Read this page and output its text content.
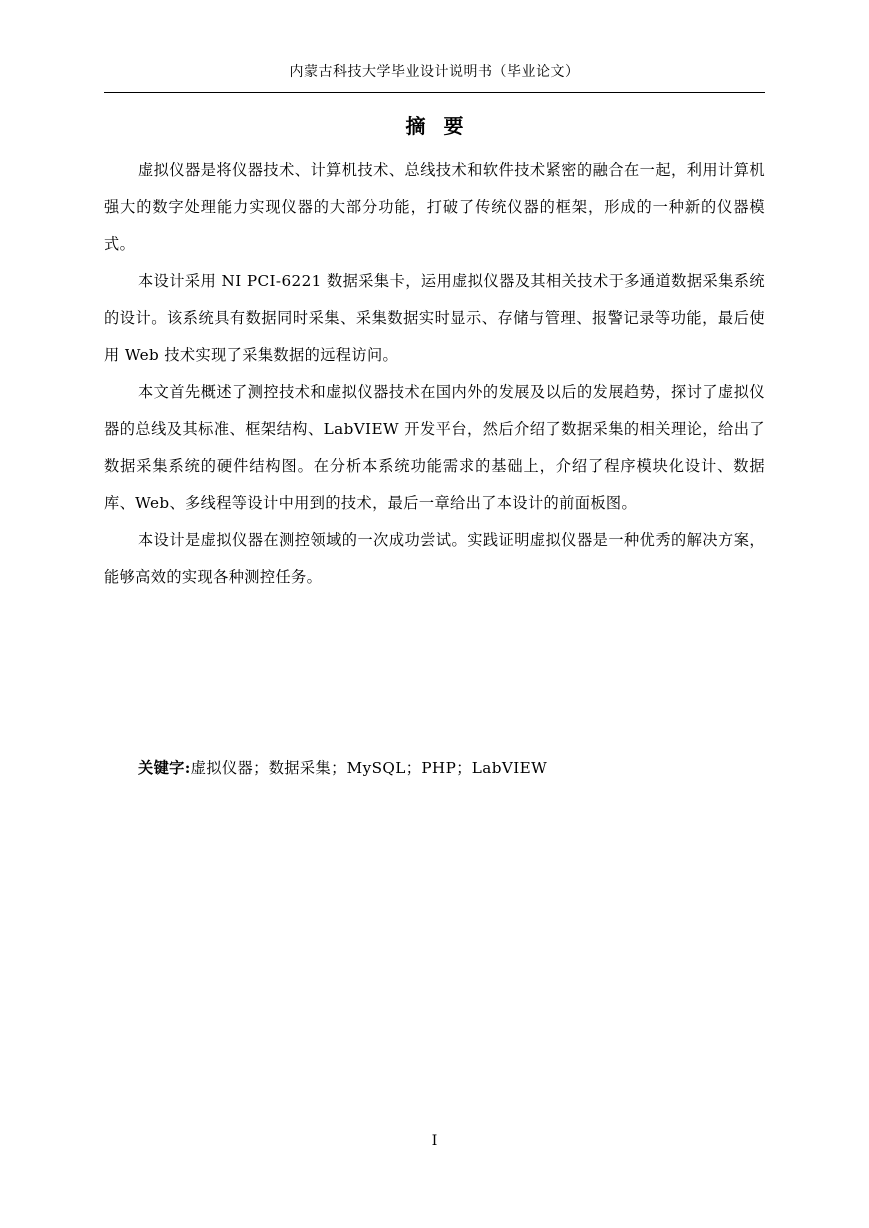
内蒙古科技大学毕业设计说明书（毕业论文）
摘要

虚拟仪器是将仪器技术、计算机技术、总线技术和软件技术紧密的融合在一起，利用计算机强大的数字处理能力实现仪器的大部分功能，打破了传统仪器的框架，形成的一种新的仪器模式。

本设计采用 NI PCI-6221 数据采集卡，运用虚拟仪器及其相关技术于多通道数据采集系统的设计。该系统具有数据同时采集、采集数据实时显示、存储与管理、报警记录等功能，最后使用 Web 技术实现了采集数据的远程访问。

本文首先概述了测控技术和虚拟仪器技术在国内外的发展及以后的发展趋势，探讨了虚拟仪器的总线及其标准、框架结构、LabVIEW 开发平台，然后介绍了数据采集的相关理论，给出了数据采集系统的硬件结构图。在分析本系统功能需求的基础上，介绍了程序模块化设计、数据库、Web、多线程等设计中用到的技术，最后一章给出了本设计的前面板图。

本设计是虚拟仪器在测控领域的一次成功尝试。实践证明虚拟仪器是一种优秀的解决方案，能够高效的实现各种测控任务。

关键字:虚拟仪器；数据采集；MySQL；PHP；LabVIEW
I
